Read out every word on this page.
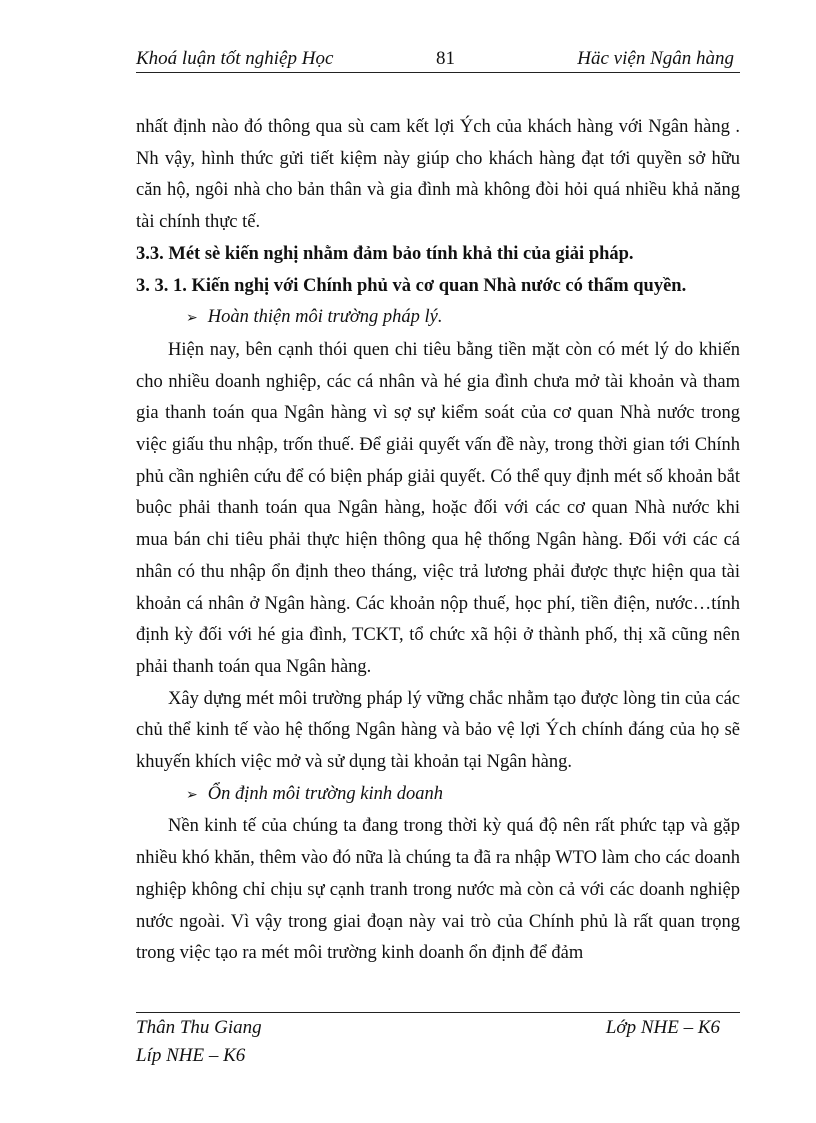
Khoá luận tốt nghiệp Học	81	Häc viện Ngân hàng

nhất định nào đó thông qua sù cam kết lợi Ých của khách hàng với Ngân hàng . Nh vậy, hình thức gửi tiết kiệm này giúp cho khách hàng đạt tới quyền sở hữu căn hộ, ngôi nhà cho bản thân và gia đình mà không đòi hỏi quá nhiều khả năng tài chính thực tế.

3.3. Mét sè kiến nghị nhằm đảm bảo tính khả thi của giải pháp.

3. 3. 1. Kiến nghị với Chính phủ và cơ quan Nhà nước có thẩm quyền.

➢ Hoàn thiện môi trường pháp lý.

Hiện nay, bên cạnh thói quen chi tiêu bằng tiền mặt còn có mét lý do khiến cho nhiều doanh nghiệp, các cá nhân và hé gia đình chưa mở tài khoản và tham gia thanh toán qua Ngân hàng vì sợ sự kiểm soát của cơ quan Nhà nước trong việc giấu thu nhập, trốn thuế. Để giải quyết vấn đề này, trong thời gian tới Chính phủ cần nghiên cứu để có biện pháp giải quyết. Có thể quy định mét số khoản bắt buộc phải thanh toán qua Ngân hàng, hoặc đối với các cơ quan Nhà nước khi mua bán chi tiêu phải thực hiện thông qua hệ thống Ngân hàng. Đối với các cá nhân có thu nhập ổn định theo tháng, việc trả lương phải được thực hiện qua tài khoản cá nhân ở Ngân hàng. Các khoản nộp thuế, học phí, tiền điện, nước…tính định kỳ đối với hé gia đình, TCKT, tổ chức xã hội ở thành phố, thị xã cũng nên phải thanh toán qua Ngân hàng.

Xây dựng mét môi trường pháp lý vững chắc nhằm tạo được lòng tin của các chủ thể kinh tế vào hệ thống Ngân hàng và bảo vệ lợi Ých chính đáng của họ sẽ khuyến khích việc mở và sử dụng tài khoản tại Ngân hàng.

➢ Ổn định môi trường kinh doanh

Nền kinh tế của chúng ta đang trong thời kỳ quá độ nên rất phức tạp và gặp nhiều khó khăn, thêm vào đó nữa là chúng ta đã ra nhập WTO làm cho các doanh nghiệp không chỉ chịu sự cạnh tranh trong nước mà còn cả với các doanh nghiệp nước ngoài. Vì vậy trong giai đoạn này vai trò của Chính phủ là rất quan trọng trong việc tạo ra mét môi trường kinh doanh ổn định để đảm

Thân Thu Giang	Lớp NHE – K6
Líp NHE – K6
